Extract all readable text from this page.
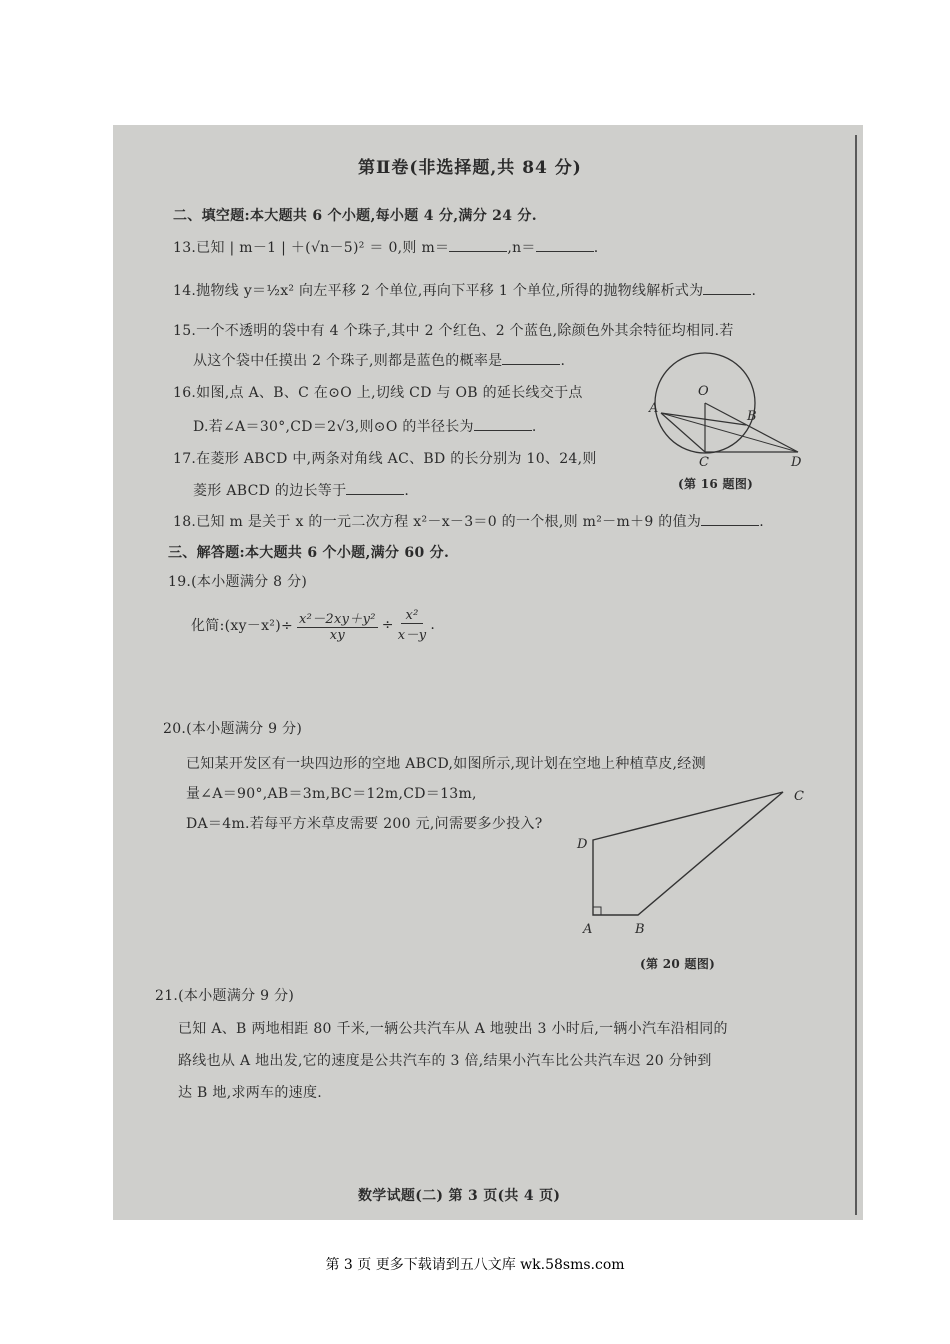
第Ⅱ卷(非选择题,共 84 分)
二、填空题:本大题共 6 个小题,每小题 4 分,满分 24 分.
13.已知 | m－1 | ＋(√n－5)² ＝ 0,则 m＝	,n＝	.
14.抛物线 y＝½x² 向左平移 2 个单位,再向下平移 1 个单位,所得的抛物线解析式为	.
15.一个不透明的袋中有 4 个珠子,其中 2 个红色、2 个蓝色,除颜色外其余特征均相同.若
从这个袋中任摸出 2 个珠子,则都是蓝色的概率是	.
16.如图,点 A、B、C 在⊙O 上,切线 CD 与 OB 的延长线交于点
D.若∠A＝30°,CD＝2√3,则⊙O 的半径长为	.
17.在菱形 ABCD 中,两条对角线 AC、BD 的长分别为 10、24,则
菱形 ABCD 的边长等于	.
O
A
B
C	D
(第 16 题图)
18.已知 m 是关于 x 的一元二次方程 x²－x－3＝0 的一个根,则 m²－m＋9 的值为	.
三、解答题:本大题共 6 个小题,满分 60 分.
19.(本小题满分 8 分)
化简:(xy－x²)÷ $\frac{\text{x²－2xy＋y²}}{xy} \div \frac{\text{x²}}{x-y}$ .
20.(本小题满分 9 分)
已知某开发区有一块四边形的空地 ABCD,如图所示,现计划在空地上种植草皮,经测
量∠A＝90°,AB＝3m,BC＝12m,CD＝13m,
DA＝4m.若每平方米草皮需要 200 元,问需要多少投入?
A	B
C
D
(第 20 题图)
21.(本小题满分 9 分)
已知 A、B 两地相距 80 千米,一辆公共汽车从 A 地驶出 3 小时后,一辆小汽车沿相同的
路线也从 A 地出发,它的速度是公共汽车的 3 倍,结果小汽车比公共汽车迟 20 分钟到
达 B 地,求两车的速度.
数学试题(二) 第 3 页(共 4 页)
第 3 页 更多下载请到五八文库 wk.58sms.com
